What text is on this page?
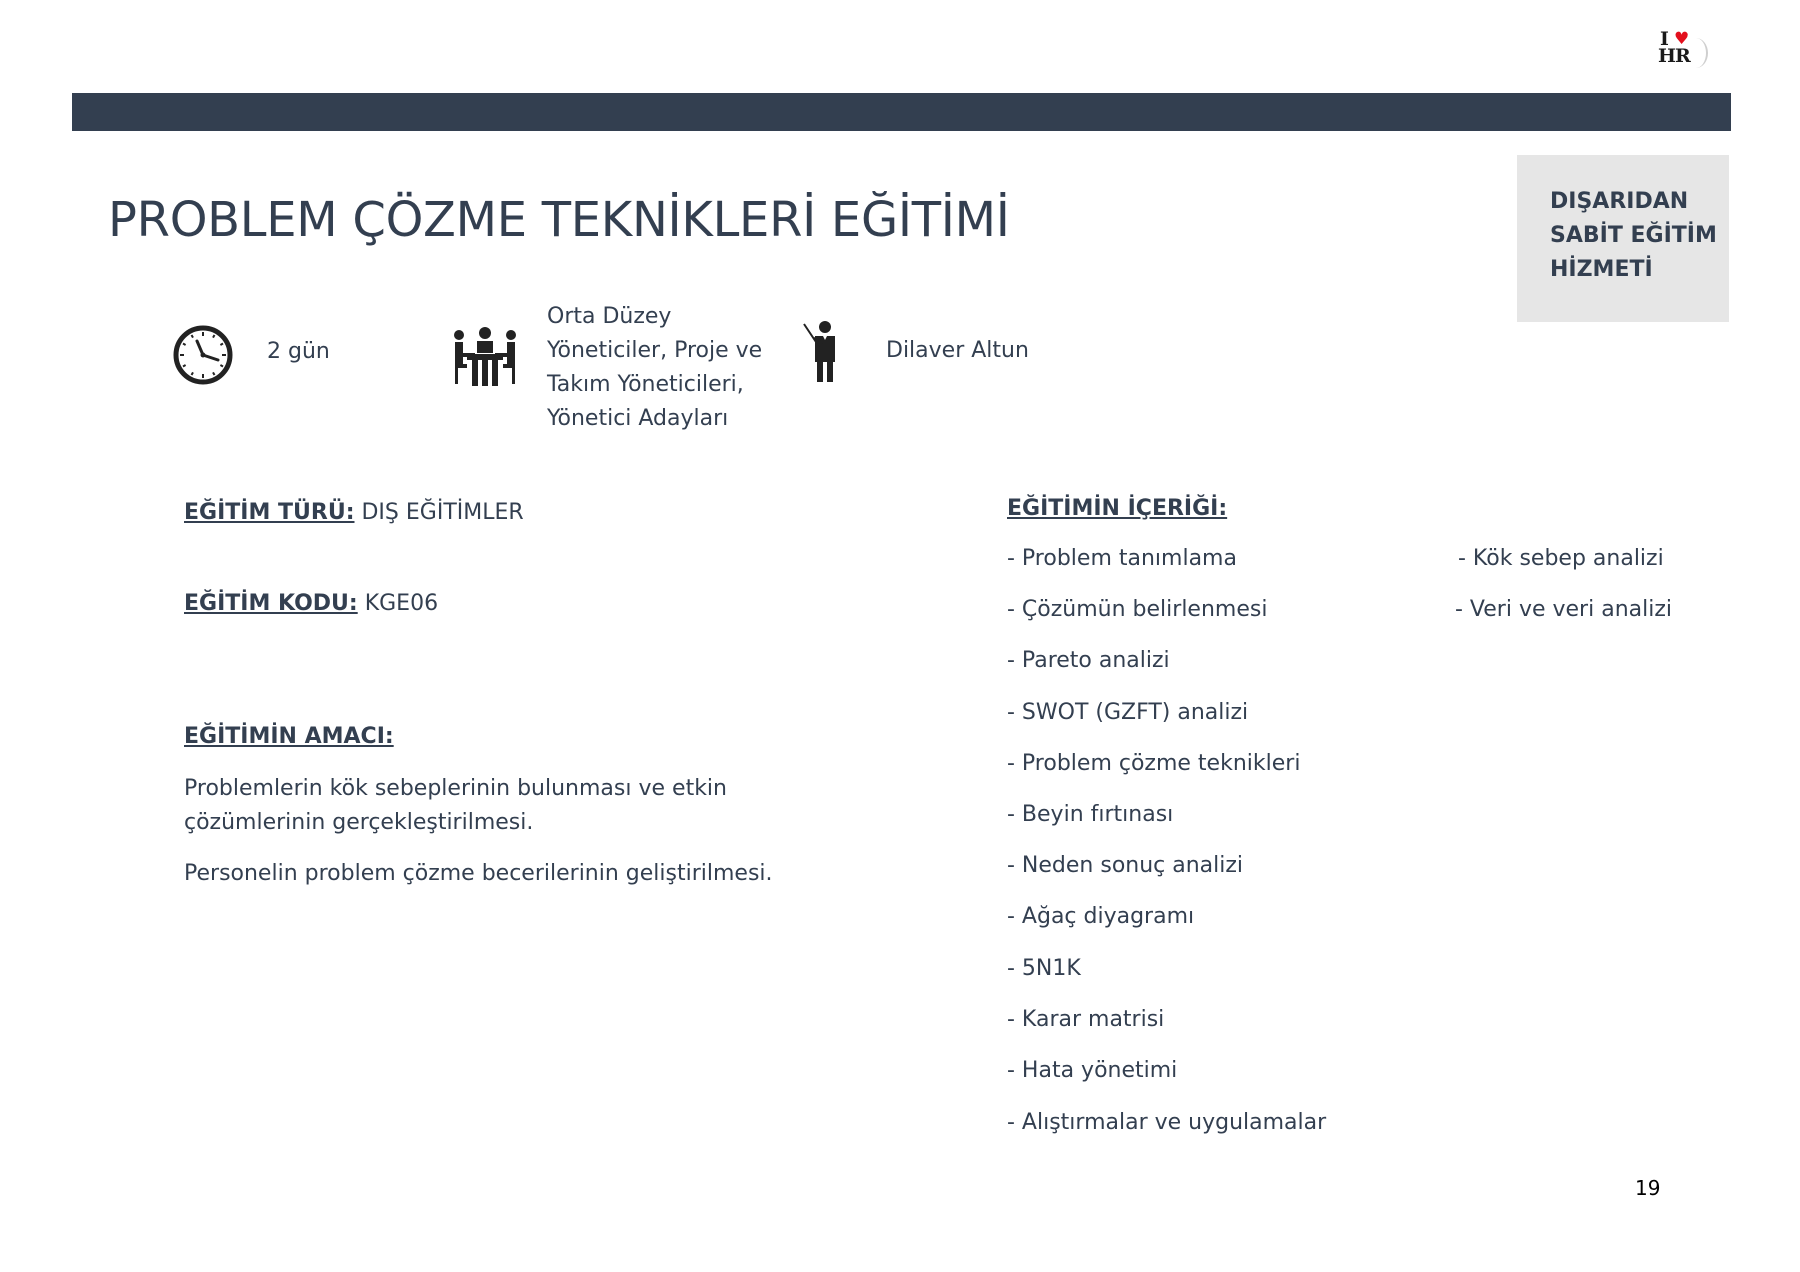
I ♥
HR
PROBLEM ÇÖZME TEKNİKLERİ EĞİTİMİ	DIŞARIDAN
SABİT EĞİTİM
HİZMETİ
2 gün
Orta Düzey
Yöneticiler, Proje ve
Takım Yöneticileri,
Yönetici Adayları
Dilaver Altun
EĞİTİM TÜRÜ: DIŞ EĞİTİMLER
EĞİTİM KODU: KGE06
EĞİTİMİN AMACI:
Problemlerin kök sebeplerinin bulunması ve etkin çözümlerinin gerçekleştirilmesi.
Personelin problem çözme becerilerinin geliştirilmesi.
EĞİTİMİN İÇERİĞİ:
- Problem tanımlama
- Çözümün belirlenmesi
- Pareto analizi
- SWOT (GZFT) analizi
- Problem çözme teknikleri
- Beyin fırtınası
- Neden sonuç analizi
- Ağaç diyagramı
- 5N1K
- Karar matrisi
- Hata yönetimi
- Alıştırmalar ve uygulamalar
- Kök sebep analizi
- Veri ve veri analizi
19
